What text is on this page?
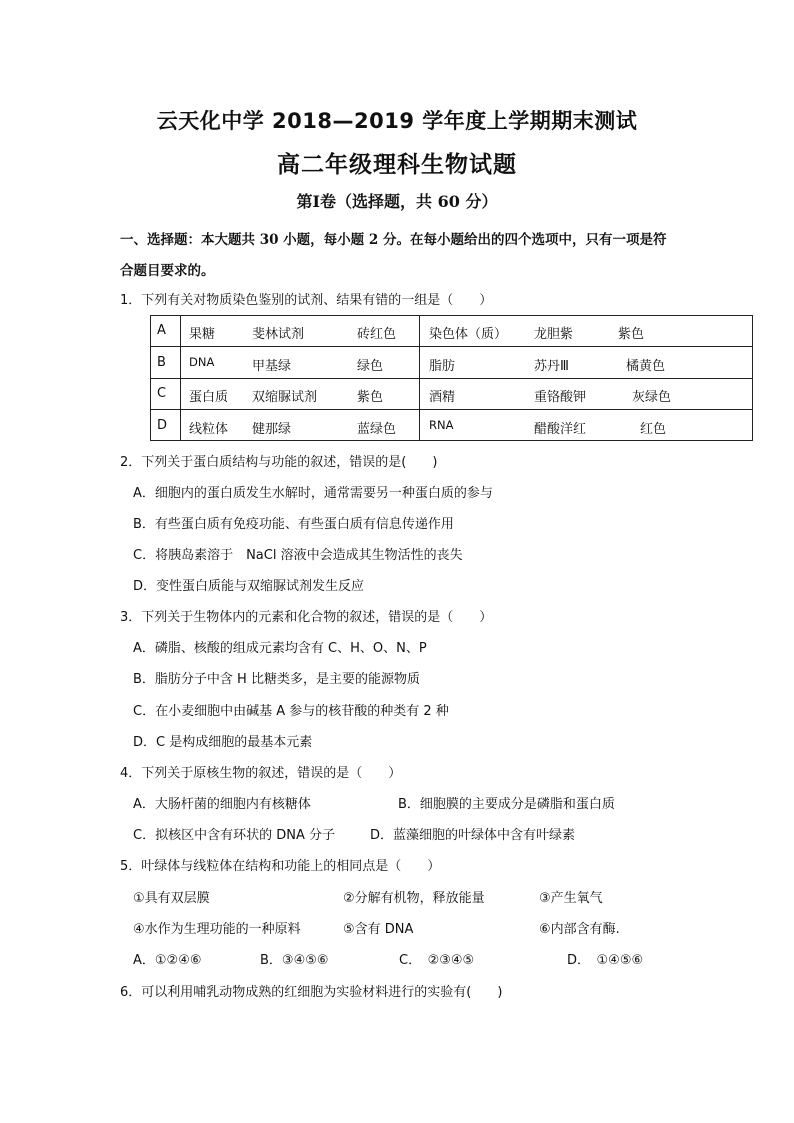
云天化中学 2018—2019 学年度上学期期末测试
高二年级理科生物试题
第Ⅰ卷（选择题，共 60 分）
一、选择题：本大题共 30 小题，每小题 2 分。在每小题给出的四个选项中，只有一项是符
合题目要求的。
1．下列有关对物质染色鉴别的试剂、结果有错的一组是（　　）
A 果糖	斐林试剂	砖红色	染色体（质） 龙胆紫	紫色
B DNA	甲基绿	绿色	脂肪	苏丹Ⅲ	橘黄色
C 蛋白质 双缩脲试剂	紫色	酒精	重铬酸钾	灰绿色
D 线粒体 健那绿	蓝绿色	RNA	醋酸洋红	红色
2．下列关于蛋白质结构与功能的叙述，错误的是(　　)
A．细胞内的蛋白质发生水解时，通常需要另一种蛋白质的参与
B．有些蛋白质有免疫功能、有些蛋白质有信息传递作用
C．将胰岛素溶于　NaCl 溶液中会造成其生物活性的丧失
D．变性蛋白质能与双缩脲试剂发生反应
3．下列关于生物体内的元素和化合物的叙述，错误的是（　　）
A．磷脂、核酸的组成元素均含有 C、H、O、N、P
B．脂肪分子中含 H 比糖类多，是主要的能源物质
C．在小麦细胞中由碱基 A 参与的核苷酸的种类有 2 种
D．C 是构成细胞的最基本元素
4．下列关于原核生物的叙述，错误的是（　　）
A．大肠杆菌的细胞内有核糖体	B．细胞膜的主要成分是磷脂和蛋白质
C．拟核区中含有环状的 DNA 分子	D．蓝藻细胞的叶绿体中含有叶绿素
5．叶绿体与线粒体在结构和功能上的相同点是（　　）
①具有双层膜	②分解有机物，释放能量	③产生氧气
④水作为生理功能的一种原料	⑤含有 DNA	⑥内部含有酶.
A．①②④⑥	B．③④⑤⑥	C．　②③④⑤	D．　①④⑤⑥
6．可以利用哺乳动物成熟的红细胞为实验材料进行的实验有(　　)
